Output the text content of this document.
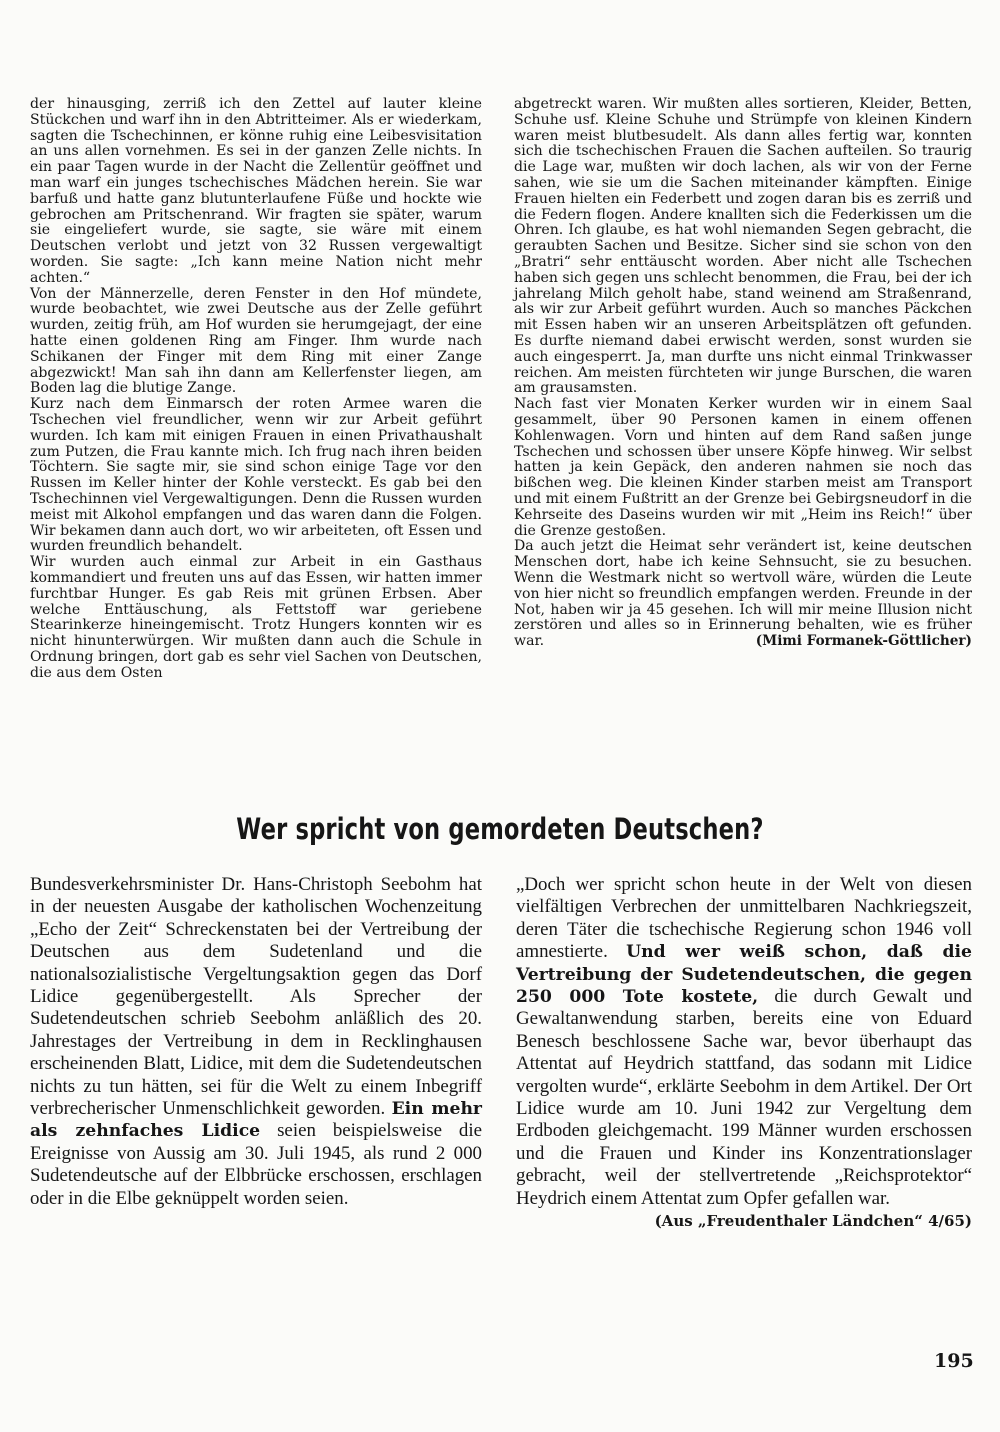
der hinausging, zerriß ich den Zettel auf lauter kleine Stückchen und warf ihn in den Abtritteimer. Als er wiederkam, sagten die Tschechinnen, er könne ruhig eine Leibesvisitation an uns allen vornehmen. Es sei in der ganzen Zelle nichts. In ein paar Tagen wurde in der Nacht die Zellentür geöffnet und man warf ein junges tschechisches Mädchen herein. Sie war barfuß und hatte ganz blutunterlaufene Füße und hockte wie gebrochen am Pritschenrand. Wir fragten sie später, warum sie eingeliefert wurde, sie sagte, sie wäre mit einem Deutschen verlobt und jetzt von 32 Russen vergewaltigt worden. Sie sagte: „Ich kann meine Nation nicht mehr achten.“

Von der Männerzelle, deren Fenster in den Hof mündete, wurde beobachtet, wie zwei Deutsche aus der Zelle geführt wurden, zeitig früh, am Hof wurden sie herumgejagt, der eine hatte einen goldenen Ring am Finger. Ihm wurde nach Schikanen der Finger mit dem Ring mit einer Zange abgezwickt! Man sah ihn dann am Kellerfenster liegen, am Boden lag die blutige Zange.

Kurz nach dem Einmarsch der roten Armee waren die Tschechen viel freundlicher, wenn wir zur Arbeit geführt wurden. Ich kam mit einigen Frauen in einen Privathaushalt zum Putzen, die Frau kannte mich. Ich frug nach ihren beiden Töchtern. Sie sagte mir, sie sind schon einige Tage vor den Russen im Keller hinter der Kohle versteckt. Es gab bei den Tschechinnen viel Vergewaltigungen. Denn die Russen wurden meist mit Alkohol empfangen und das waren dann die Folgen. Wir bekamen dann auch dort, wo wir arbeiteten, oft Essen und wurden freundlich behandelt.

Wir wurden auch einmal zur Arbeit in ein Gasthaus kommandiert und freuten uns auf das Essen, wir hatten immer furchtbar Hunger. Es gab Reis mit grünen Erbsen. Aber welche Enttäuschung, als Fettstoff war geriebene Stearinkerze hineingemischt. Trotz Hungers konnten wir es nicht hinunterwürgen. Wir mußten dann auch die Schule in Ordnung bringen, dort gab es sehr viel Sachen von Deutschen, die aus dem Osten

abgetreckt waren. Wir mußten alles sortieren, Kleider, Betten, Schuhe usf. Kleine Schuhe und Strümpfe von kleinen Kindern waren meist blutbesudelt. Als dann alles fertig war, konnten sich die tschechischen Frauen die Sachen aufteilen. So traurig die Lage war, mußten wir doch lachen, als wir von der Ferne sahen, wie sie um die Sachen miteinander kämpften. Einige Frauen hielten ein Federbett und zogen daran bis es zerriß und die Federn flogen. Andere knallten sich die Federkissen um die Ohren. Ich glaube, es hat wohl niemanden Segen gebracht, die geraubten Sachen und Besitze. Sicher sind sie schon von den „Bratri“ sehr enttäuscht worden. Aber nicht alle Tschechen haben sich gegen uns schlecht benommen, die Frau, bei der ich jahrelang Milch geholt habe, stand weinend am Straßenrand, als wir zur Arbeit geführt wurden. Auch so manches Päckchen mit Essen haben wir an unseren Arbeitsplätzen oft gefunden. Es durfte niemand dabei erwischt werden, sonst wurden sie auch eingesperrt. Ja, man durfte uns nicht einmal Trinkwasser reichen. Am meisten fürchteten wir junge Burschen, die waren am grausamsten.

Nach fast vier Monaten Kerker wurden wir in einem Saal gesammelt, über 90 Personen kamen in einem offenen Kohlenwagen. Vorn und hinten auf dem Rand saßen junge Tschechen und schossen über unsere Köpfe hinweg. Wir selbst hatten ja kein Gepäck, den anderen nahmen sie noch das bißchen weg. Die kleinen Kinder starben meist am Transport und mit einem Fußtritt an der Grenze bei Gebirgsneudorf in die Kehrseite des Daseins wurden wir mit „Heim ins Reich!“ über die Grenze gestoßen.

Da auch jetzt die Heimat sehr verändert ist, keine deutschen Menschen dort, habe ich keine Sehnsucht, sie zu besuchen. Wenn die Westmark nicht so wertvoll wäre, würden die Leute von hier nicht so freundlich empfangen werden. Freunde in der Not, haben wir ja 45 gesehen. Ich will mir meine Illusion nicht zerstören und alles so in Erinnerung behalten, wie es früher war.	(Mimi Formanek-Göttlicher)

Wer spricht von gemordeten Deutschen?

Bundesverkehrsminister Dr. Hans-Christoph Seebohm hat in der neuesten Ausgabe der katholischen Wochenzeitung „Echo der Zeit“ Schreckenstaten bei der Vertreibung der Deutschen aus dem Sudetenland und die nationalsozialistische Vergeltungsaktion gegen das Dorf Lidice gegenübergestellt. Als Sprecher der Sudetendeutschen schrieb Seebohm anläßlich des 20. Jahrestages der Vertreibung in dem in Recklinghausen erscheinenden Blatt, Lidice, mit dem die Sudetendeutschen nichts zu tun hätten, sei für die Welt zu einem Inbegriff verbrecherischer Unmenschlichkeit geworden. Ein mehr als zehnfaches Lidice seien beispielsweise die Ereignisse von Aussig am 30. Juli 1945, als rund 2 000 Sudetendeutsche auf der Elbbrücke erschossen, erschlagen oder in die Elbe geknüppelt worden seien.

„Doch wer spricht schon heute in der Welt von diesen vielfältigen Verbrechen der unmittelbaren Nachkriegszeit, deren Täter die tschechische Regierung schon 1946 voll amnestierte. Und wer weiß schon, daß die Vertreibung der Sudetendeutschen, die gegen 250 000 Tote kostete, die durch Gewalt und Gewaltanwendung starben, bereits eine von Eduard Benesch beschlossene Sache war, bevor überhaupt das Attentat auf Heydrich stattfand, das sodann mit Lidice vergolten wurde“, erklärte Seebohm in dem Artikel. Der Ort Lidice wurde am 10. Juni 1942 zur Vergeltung dem Erdboden gleichgemacht. 199 Männer wurden erschossen und die Frauen und Kinder ins Konzentrationslager gebracht, weil der stellvertretende „Reichsprotektor“ Heydrich einem Attentat zum Opfer gefallen war.

(Aus „Freudenthaler Ländchen“ 4/65)

195
